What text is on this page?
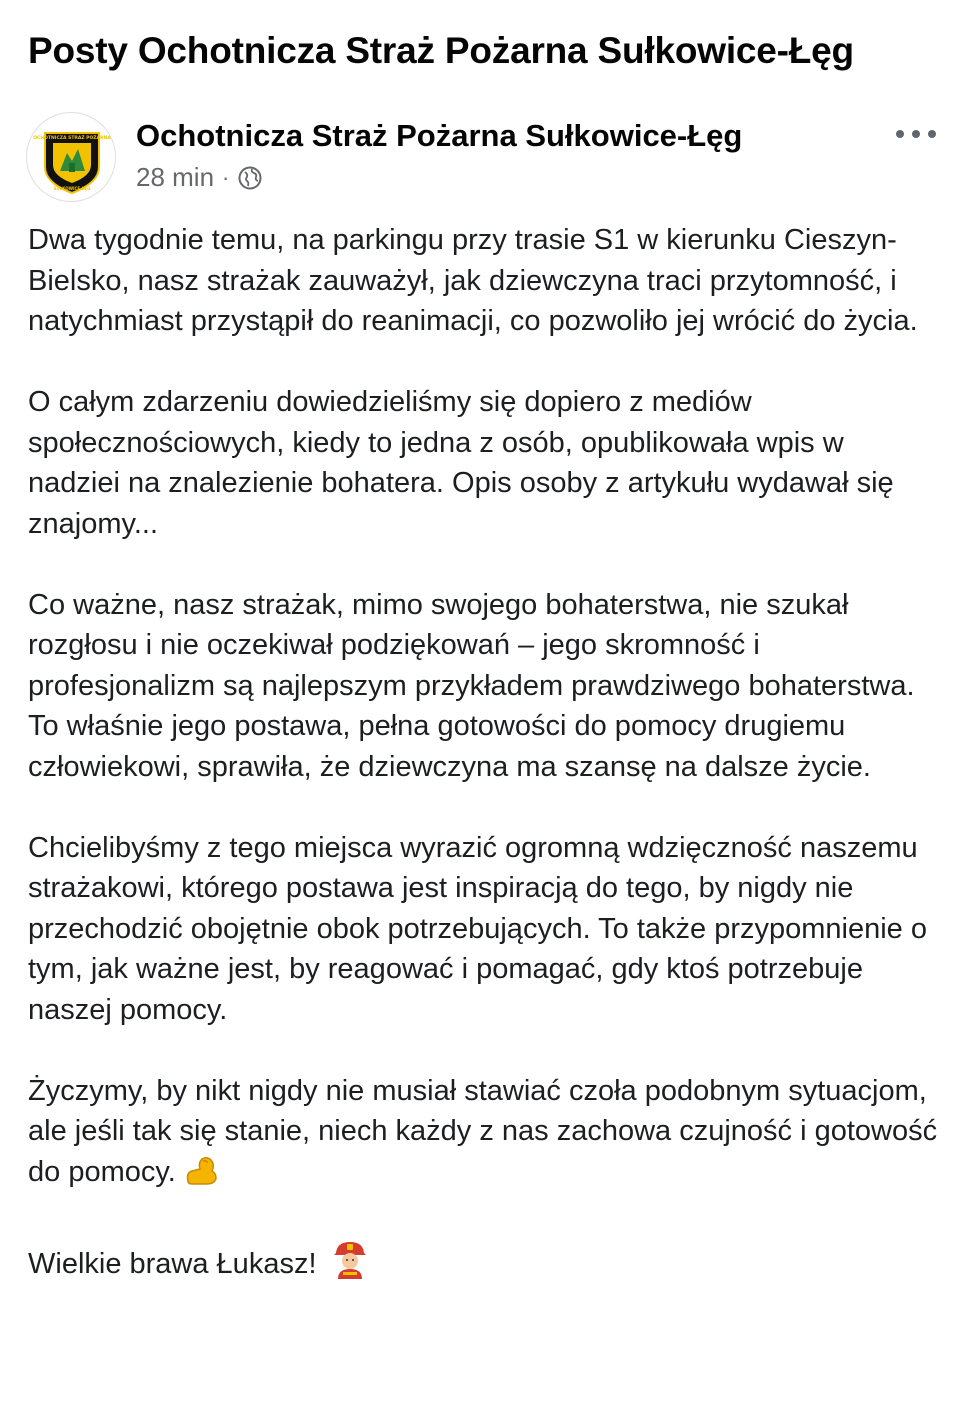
Posty Ochotnicza Straż Pożarna Sułkowice-Łęg
OCHOTNICZA STRAŻ POŻARNA
SUŁKOWICE-ŁĘG
Ochotnicza Straż Pożarna Sułkowice-Łęg
28 min ·

Dwa tygodnie temu, na parkingu przy trasie S1 w kierunku Cieszyn-Bielsko, nasz strażak zauważył, jak dziewczyna traci przytomność, i natychmiast przystąpił do reanimacji, co pozwoliło jej wrócić do życia.

O całym zdarzeniu dowiedzieliśmy się dopiero z mediów społecznościowych, kiedy to jedna z osób, opublikowała wpis w nadziei na znalezienie bohatera. Opis osoby z artykułu wydawał się znajomy...

Co ważne, nasz strażak, mimo swojego bohaterstwa, nie szukał rozgłosu i nie oczekiwał podziękowań – jego skromność i profesjonalizm są najlepszym przykładem prawdziwego bohaterstwa. To właśnie jego postawa, pełna gotowości do pomocy drugiemu człowiekowi, sprawiła, że dziewczyna ma szansę na dalsze życie.

Chcielibyśmy z tego miejsca wyrazić ogromną wdzięczność naszemu strażakowi, którego postawa jest inspiracją do tego, by nigdy nie przechodzić obojętnie obok potrzebujących. To także przypomnienie o tym, jak ważne jest, by reagować i pomagać, gdy ktoś potrzebuje naszej pomocy.

Życzymy, by nikt nigdy nie musiał stawiać czoła podobnym sytuacjom, ale jeśli tak się stanie, niech każdy z nas zachowa czujność i gotowość do pomocy.

Wielkie brawa Łukasz!
